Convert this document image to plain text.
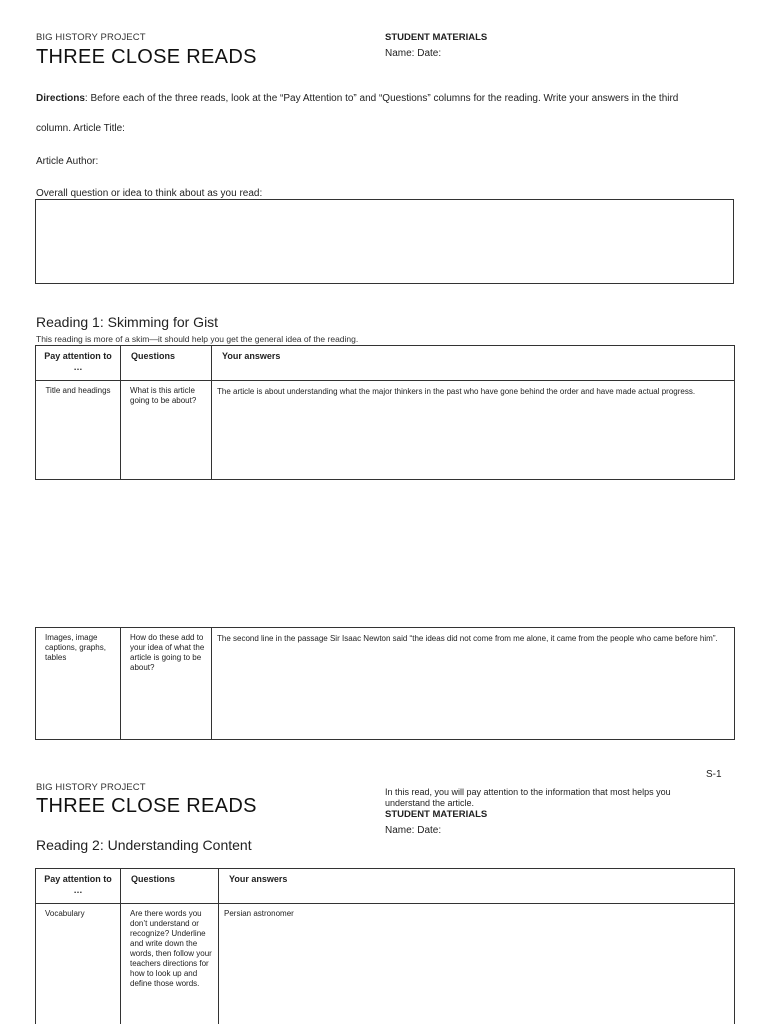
BIG HISTORY PROJECT
THREE CLOSE READS
STUDENT MATERIALS
Name: Date:
Directions: Before each of the three reads, look at the “Pay Attention to” and “Questions” columns for the reading. Write your answers in the third
column. Article Title:
Article Author:
Overall question or idea to think about as you read:
Reading 1: Skimming for Gist
This reading is more of a skim—it should help you get the general idea of the reading.
Pay attention to …	Questions	Your answers
Title and headings	What is this article going to be about?	The article is about understanding what the major thinkers in the past who have gone behind the order and have made actual progress.
Images, image captions, graphs, tables	How do these add to your idea of what the article is going to be about?	The second line in the passage Sir Isaac Newton said “the ideas did not come from me alone, it came from the people who came before him”.
S-1
BIG HISTORY PROJECT
THREE CLOSE READS
In this read, you will pay attention to the information that most helps you understand the article.
STUDENT MATERIALS
Name: Date:
Reading 2: Understanding Content
Pay attention to …	Questions	Your answers
Vocabulary	Are there words you don’t understand or recognize? Underline and write down the words, then follow your teachers directions for how to look up and define those words.	Persian astronomer
